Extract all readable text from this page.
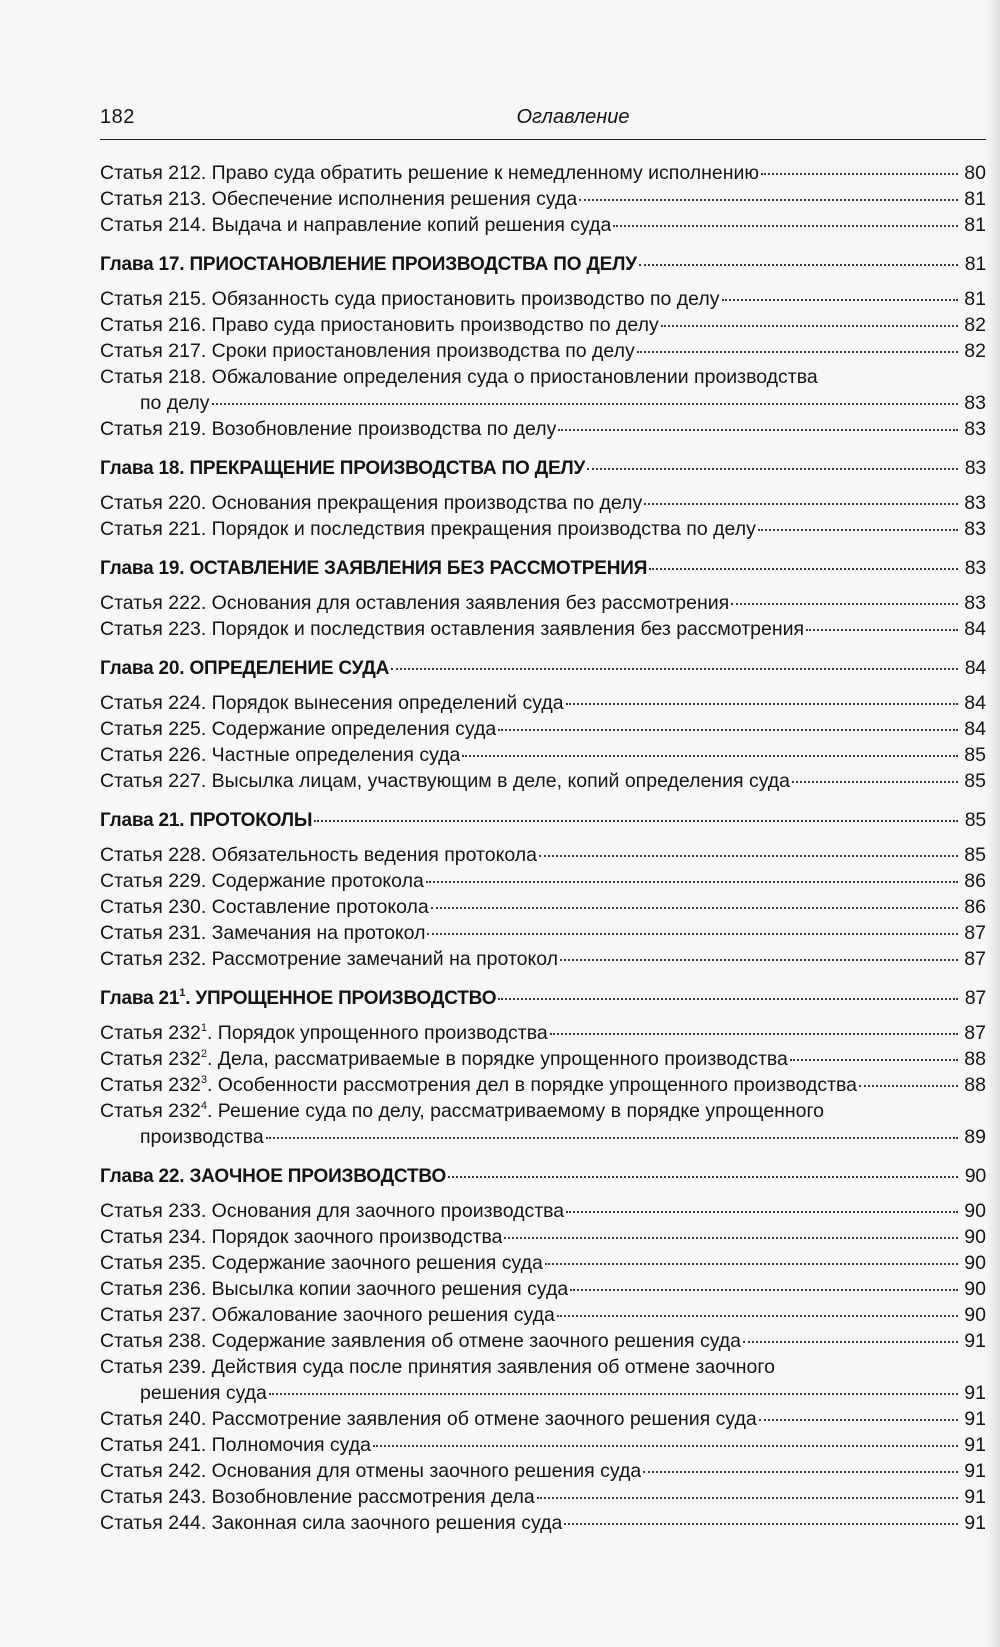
182	Оглавление
Статья 212. Право суда обратить решение к немедленному исполнению	80
Статья 213. Обеспечение исполнения решения суда	81
Статья 214. Выдача и направление копий решения суда	81
Глава 17. ПРИОСТАНОВЛЕНИЕ ПРОИЗВОДСТВА ПО ДЕЛУ	81
Статья 215. Обязанность суда приостановить производство по делу	81
Статья 216. Право суда приостановить производство по делу	82
Статья 217. Сроки приостановления производства по делу	82
Статья 218. Обжалование определения суда о приостановлении производства
по делу	83
Статья 219. Возобновление производства по делу	83
Глава 18. ПРЕКРАЩЕНИЕ ПРОИЗВОДСТВА ПО ДЕЛУ	83
Статья 220. Основания прекращения производства по делу	83
Статья 221. Порядок и последствия прекращения производства по делу	83
Глава 19. ОСТАВЛЕНИЕ ЗАЯВЛЕНИЯ БЕЗ РАССМОТРЕНИЯ	83
Статья 222. Основания для оставления заявления без рассмотрения	83
Статья 223. Порядок и последствия оставления заявления без рассмотрения	84
Глава 20. ОПРЕДЕЛЕНИЕ СУДА	84
Статья 224. Порядок вынесения определений суда	84
Статья 225. Содержание определения суда	84
Статья 226. Частные определения суда	85
Статья 227. Высылка лицам, участвующим в деле, копий определения суда	85
Глава 21. ПРОТОКОЛЫ	85
Статья 228. Обязательность ведения протокола	85
Статья 229. Содержание протокола	86
Статья 230. Составление протокола	86
Статья 231. Замечания на протокол	87
Статья 232. Рассмотрение замечаний на протокол	87
Глава $21^1$. УПРОЩЕННОЕ ПРОИЗВОДСТВО	87
Статья $232^1$. Порядок упрощенного производства	87
Статья $232^2$. Дела, рассматриваемые в порядке упрощенного производства	88
Статья $232^3$. Особенности рассмотрения дел в порядке упрощенного производства	88
Статья $232^4$. Решение суда по делу, рассматриваемому в порядке упрощенного
производства	89
Глава 22. ЗАОЧНОЕ ПРОИЗВОДСТВО	90
Статья 233. Основания для заочного производства	90
Статья 234. Порядок заочного производства	90
Статья 235. Содержание заочного решения суда	90
Статья 236. Высылка копии заочного решения суда	90
Статья 237. Обжалование заочного решения суда	90
Статья 238. Содержание заявления об отмене заочного решения суда	91
Статья 239. Действия суда после принятия заявления об отмене заочного
решения суда	91
Статья 240. Рассмотрение заявления об отмене заочного решения суда	91
Статья 241. Полномочия суда	91
Статья 242. Основания для отмены заочного решения суда	91
Статья 243. Возобновление рассмотрения дела	91
Статья 244. Законная сила заочного решения суда	91
